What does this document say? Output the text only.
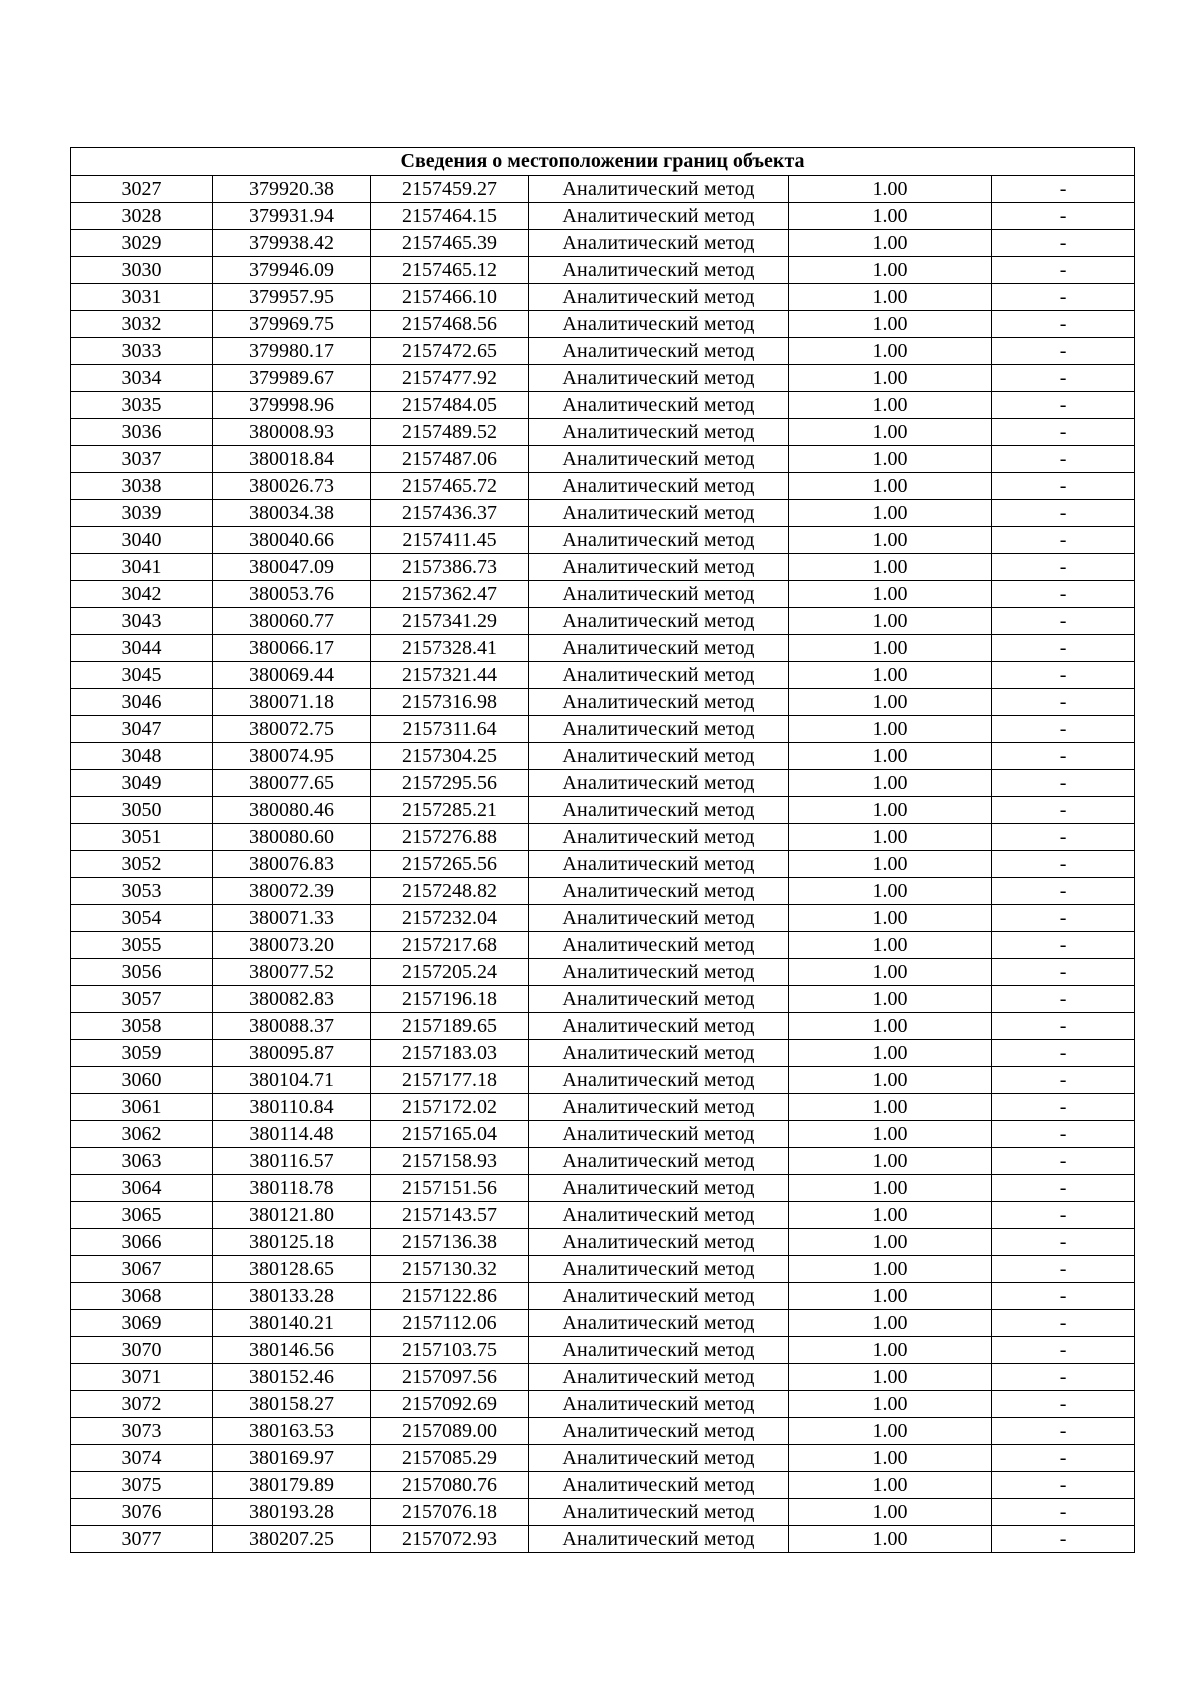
Сведения о местоположении границ объекта					
3027	379920.38	2157459.27	Аналитический метод	1.00	-
3028	379931.94	2157464.15	Аналитический метод	1.00	-
3029	379938.42	2157465.39	Аналитический метод	1.00	-
3030	379946.09	2157465.12	Аналитический метод	1.00	-
3031	379957.95	2157466.10	Аналитический метод	1.00	-
3032	379969.75	2157468.56	Аналитический метод	1.00	-
3033	379980.17	2157472.65	Аналитический метод	1.00	-
3034	379989.67	2157477.92	Аналитический метод	1.00	-
3035	379998.96	2157484.05	Аналитический метод	1.00	-
3036	380008.93	2157489.52	Аналитический метод	1.00	-
3037	380018.84	2157487.06	Аналитический метод	1.00	-
3038	380026.73	2157465.72	Аналитический метод	1.00	-
3039	380034.38	2157436.37	Аналитический метод	1.00	-
3040	380040.66	2157411.45	Аналитический метод	1.00	-
3041	380047.09	2157386.73	Аналитический метод	1.00	-
3042	380053.76	2157362.47	Аналитический метод	1.00	-
3043	380060.77	2157341.29	Аналитический метод	1.00	-
3044	380066.17	2157328.41	Аналитический метод	1.00	-
3045	380069.44	2157321.44	Аналитический метод	1.00	-
3046	380071.18	2157316.98	Аналитический метод	1.00	-
3047	380072.75	2157311.64	Аналитический метод	1.00	-
3048	380074.95	2157304.25	Аналитический метод	1.00	-
3049	380077.65	2157295.56	Аналитический метод	1.00	-
3050	380080.46	2157285.21	Аналитический метод	1.00	-
3051	380080.60	2157276.88	Аналитический метод	1.00	-
3052	380076.83	2157265.56	Аналитический метод	1.00	-
3053	380072.39	2157248.82	Аналитический метод	1.00	-
3054	380071.33	2157232.04	Аналитический метод	1.00	-
3055	380073.20	2157217.68	Аналитический метод	1.00	-
3056	380077.52	2157205.24	Аналитический метод	1.00	-
3057	380082.83	2157196.18	Аналитический метод	1.00	-
3058	380088.37	2157189.65	Аналитический метод	1.00	-
3059	380095.87	2157183.03	Аналитический метод	1.00	-
3060	380104.71	2157177.18	Аналитический метод	1.00	-
3061	380110.84	2157172.02	Аналитический метод	1.00	-
3062	380114.48	2157165.04	Аналитический метод	1.00	-
3063	380116.57	2157158.93	Аналитический метод	1.00	-
3064	380118.78	2157151.56	Аналитический метод	1.00	-
3065	380121.80	2157143.57	Аналитический метод	1.00	-
3066	380125.18	2157136.38	Аналитический метод	1.00	-
3067	380128.65	2157130.32	Аналитический метод	1.00	-
3068	380133.28	2157122.86	Аналитический метод	1.00	-
3069	380140.21	2157112.06	Аналитический метод	1.00	-
3070	380146.56	2157103.75	Аналитический метод	1.00	-
3071	380152.46	2157097.56	Аналитический метод	1.00	-
3072	380158.27	2157092.69	Аналитический метод	1.00	-
3073	380163.53	2157089.00	Аналитический метод	1.00	-
3074	380169.97	2157085.29	Аналитический метод	1.00	-
3075	380179.89	2157080.76	Аналитический метод	1.00	-
3076	380193.28	2157076.18	Аналитический метод	1.00	-
3077	380207.25	2157072.93	Аналитический метод	1.00	-
